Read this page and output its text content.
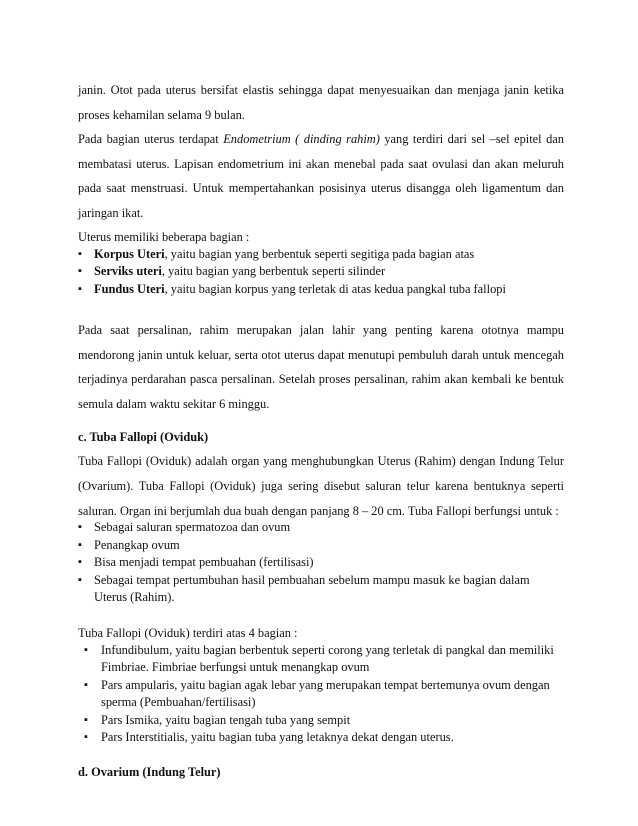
janin. Otot pada uterus bersifat elastis sehingga dapat menyesuaikan dan menjaga janin ketika proses kehamilan selama 9 bulan.

Pada bagian uterus terdapat Endometrium ( dinding rahim) yang terdiri dari sel –sel epitel dan membatasi uterus. Lapisan endometrium ini akan menebal pada saat ovulasi dan akan meluruh pada saat menstruasi. Untuk mempertahankan posisinya uterus disangga oleh ligamentum dan jaringan ikat.

Uterus memiliki beberapa bagian :

▪ Korpus Uteri, yaitu bagian yang berbentuk seperti segitiga pada bagian atas
▪ Serviks uteri, yaitu bagian yang berbentuk seperti silinder
▪ Fundus Uteri, yaitu bagian korpus yang terletak di atas kedua pangkal tuba fallopi

Pada saat persalinan, rahim merupakan jalan lahir yang penting karena ototnya mampu mendorong janin untuk keluar, serta otot uterus dapat menutupi pembuluh darah untuk mencegah terjadinya perdarahan pasca persalinan. Setelah proses persalinan, rahim akan kembali ke bentuk semula dalam waktu sekitar 6 minggu.

c. Tuba Fallopi (Oviduk)

Tuba Fallopi (Oviduk) adalah organ yang menghubungkan Uterus (Rahim) dengan Indung Telur (Ovarium). Tuba Fallopi (Oviduk) juga sering disebut saluran telur karena bentuknya seperti saluran. Organ ini berjumlah dua buah dengan panjang 8 – 20 cm. Tuba Fallopi berfungsi untuk :

▪ Sebagai saluran spermatozoa dan ovum
▪ Penangkap ovum
▪ Bisa menjadi tempat pembuahan (fertilisasi)
▪ Sebagai tempat pertumbuhan hasil pembuahan sebelum mampu masuk ke bagian dalam Uterus (Rahim).

Tuba Fallopi (Oviduk) terdiri atas 4 bagian :

▪ Infundibulum, yaitu bagian berbentuk seperti corong yang terletak di pangkal dan memiliki Fimbriae. Fimbriae berfungsi untuk menangkap ovum
▪ Pars ampularis, yaitu bagian agak lebar yang merupakan tempat bertemunya ovum dengan sperma (Pembuahan/fertilisasi)
▪ Pars Ismika, yaitu bagian tengah tuba yang sempit
▪ Pars Interstitialis, yaitu bagian tuba yang letaknya dekat dengan uterus.

d. Ovarium (Indung Telur)
